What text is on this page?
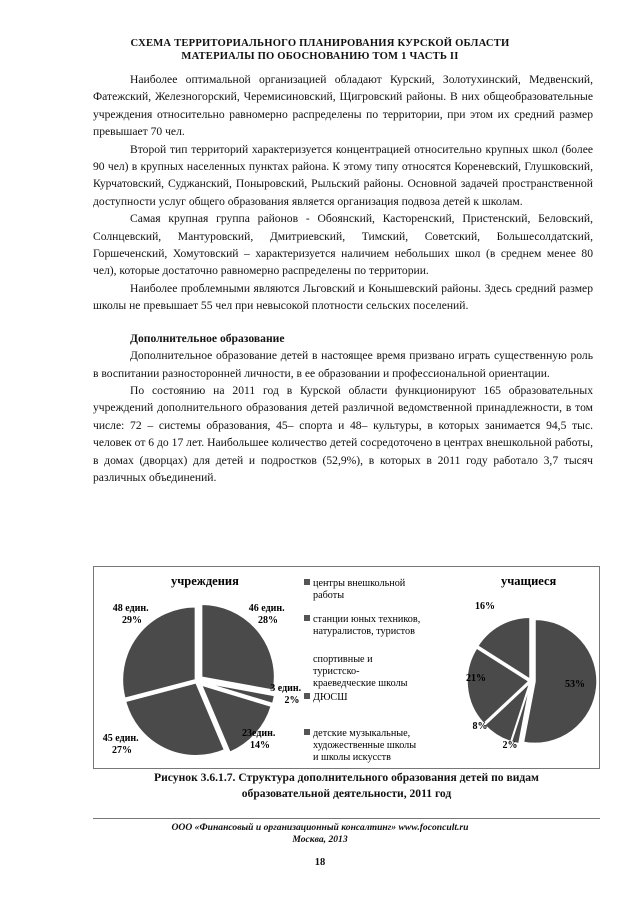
СХЕМА ТЕРРИТОРИАЛЬНОГО ПЛАНИРОВАНИЯ КУРСКОЙ ОБЛАСТИ
МАТЕРИАЛЫ ПО ОБОСНОВАНИЮ ТОМ 1 ЧАСТЬ II

Наиболее оптимальной организацией обладают Курский, Золотухинский, Медвенский, Фатежский, Железногорский, Черемисиновский, Щигровский районы. В них общеобразовательные учреждения относительно равномерно распределены по территории, при этом их средний размер превышает 70 чел.

Второй тип территорий характеризуется концентрацией относительно крупных школ (более 90 чел) в крупных населенных пунктах района. К этому типу относятся Кореневский, Глушковский, Курчатовский, Суджанский, Поныровский, Рыльский районы. Основной задачей пространственной доступности услуг общего образования является организация подвоза детей к школам.

Самая крупная группа районов - Обоянский, Касторенский, Пристенский, Беловский, Солнцевский, Мантуровский, Дмитриевский, Тимский, Советский, Большесолдатский, Горшеченский, Хомутовский – характеризуется наличием небольших школ (в среднем менее 80 чел), которые достаточно равномерно распределены по территории.

Наиболее проблемными являются Льговский и Конышевский районы. Здесь средний размер школы не превышает 55 чел при невысокой плотности сельских поселений.

Дополнительное образование

Дополнительное образование детей в настоящее время призвано играть существенную роль в воспитании разносторонней личности, в ее образовании и профессиональной ориентации.

По состоянию на 2011 год в Курской области функционируют 165 образовательных учреждений дополнительного образования детей различной ведомственной принадлежности, в том числе: 72 – системы образования, 45– спорта и 48– культуры, в которых занимается 94,5 тыс. человек от 6 до 17 лет. Наибольшее количество детей сосредоточено в центрах внешкольной работы, в домах (дворцах) для детей и подростков (52,9%), в которых в 2011 году работало 3,7 тысяч различных объединений.

учреждения	учащиеся
48 един. 29%
46 един. 28%
3 един. 2%
23един. 14%
45 един. 27%
53%
2%
8%
21%
16%
центры внешкольной работы
станции юных техников, натуралистов, туристов
спортивные и туристско- краеведческие школы
ДЮСШ
детские музыкальные, художественные школы и школы искусств
Рисунок 3.6.1.7. Структура дополнительного образования детей по видам
образовательной деятельности, 2011 год
ООО «Финансовый и организационный консалтинг» www.foconcult.ru
Москва, 2013
18
